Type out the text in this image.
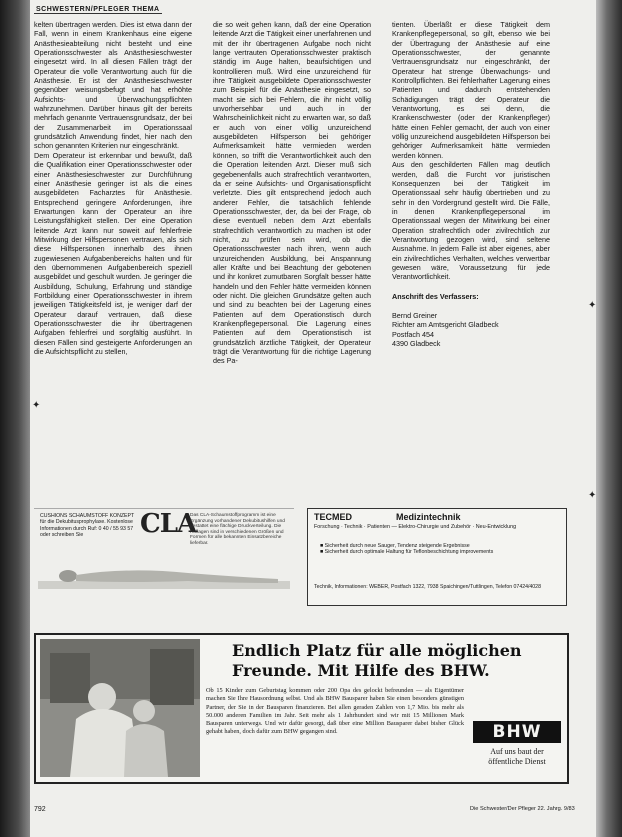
SCHWESTERN/PFLEGER THEMA

kelten übertragen werden. Dies ist etwa dann der Fall, wenn in einem Krankenhaus eine eigene Anästhesieabteilung nicht besteht und eine Operationsschwester als Anästhesieschwester eingesetzt wird. In all diesen Fällen trägt der Operateur die volle Verantwortung auch für die Anästhesie. Er ist der Anästhesieschwester gegenüber weisungsbefugt und hat erhöhte Aufsichts- und Überwachungspflichten wahrzunehmen. Darüber hinaus gilt der bereits mehrfach genannte Vertrauensgrundsatz, der bei der Zusammenarbeit im Operationssaal grundsätzlich Anwendung findet, hier nach den schon genannten Kriterien nur eingeschränkt.

Dem Operateur ist erkennbar und bewußt, daß die Qualifikation einer Operationsschwester oder einer Anästhesieschwester zur Durchführung einer Anästhesie geringer ist als die eines ausgebildeten Facharztes für Anästhesie. Entsprechend geringere Anforderungen, ihre Erwartungen kann der Operateur an ihre Leistungsfähigkeit stellen. Der eine Operation leitende Arzt kann nur soweit auf fehlerfreie Mitwirkung der Hilfspersonen vertrauen, als sich diese Hilfspersonen innerhalb des ihnen zugewiesenen Aufgabenbereichs halten und für den übernommenen Aufgabenbereich speziell ausgebildet und geschult wurden. Je geringer die Ausbildung, Schulung, Erfahrung und ständige Fortbildung einer Operationsschwester in ihrem jeweiligen Tätigkeitsfeld ist, je weniger darf der Operateur darauf vertrauen, daß diese Operationsschwester die ihr übertragenen Aufgaben fehlerfrei und sorgfältig ausführt. In diesen Fällen sind gesteigerte Anforderungen an die Aufsichtspflicht zu stellen,

die so weit gehen kann, daß der eine Operation leitende Arzt die Tätigkeit einer unerfahrenen und mit der ihr übertragenen Aufgabe noch nicht lange vertrauten Operationsschwester praktisch ständig im Auge halten, beaufsichtigen und kontrollieren muß. Wird eine unzureichend für ihre Tätigkeit ausgebildete Operationsschwester zum Beispiel für die Anästhesie eingesetzt, so macht sie sich bei Fehlern, die ihr nicht völlig unvorhersehbar und auch in der Wahrscheinlichkeit nicht zu erwarten war, so daß er auch von einer völlig unzureichend ausgebildeten Hilfsperson bei gehöriger Aufmerksamkeit hätte vermieden werden können, so trifft die Verantwortlichkeit auch den die Operation leitenden Arzt. Dieser muß sich gegebenenfalls auch strafrechtlich verantworten, da er seine Aufsichts- und Organisationspflicht verletzte. Dies gilt entsprechend jedoch auch anderer Fehler, die tatsächlich fehlende Operationsschwester, der, da bei der Frage, ob diese eventuell neben dem Arzt ebenfalls strafrechtlich verantwortlich zu machen ist oder nicht, zu prüfen sein wird, ob die Operationsschwester nach ihren, wenn auch unzureichenden Ausbildung, bei Anspannung aller Kräfte und bei Beachtung der gebotenen und ihr konkret zumutbaren Sorgfalt besser hätte handeln und den Fehler hätte vermeiden können oder nicht. Die gleichen Grundsätze gelten auch und sind zu beachten bei der Lagerung eines Patienten auf dem Operationstisch durch Krankenpflegepersonal. Die Lagerung eines Patienten auf dem Operationstisch ist grundsätzlich ärztliche Tätigkeit, der Operateur trägt die Verantwortung für die richtige Lagerung des Pa-

tienten. Überläßt er diese Tätigkeit dem Krankenpflegepersonal, so gilt, ebenso wie bei der Übertragung der Anästhesie auf eine Operationsschwester, der genannte Vertrauensgrundsatz nur eingeschränkt, der Operateur hat strenge Überwachungs- und Kontrollpflichten. Bei fehlerhafter Lagerung eines Patienten und dadurch entstehenden Schädigungen trägt der Operateur die Verantwortung, es sei denn, die Krankenschwester (oder der Krankenpfleger) hätte einen Fehler gemacht, der auch von einer völlig unzureichend ausgebildeten Hilfsperson bei gehöriger Aufmerksamkeit hätte vermieden werden können.

Aus den geschilderten Fällen mag deutlich werden, daß die Furcht vor juristischen Konsequenzen bei der Tätigkeit im Operationssaal sehr häufig übertrieben und zu sehr in den Vordergrund gestellt wird. Die Fälle, in denen Krankenpflegepersonal im Operationssaal wegen der Mitwirkung bei einer Operation strafrechtlich oder zivilrechtlich zur Verantwortung gezogen wird, sind seltene Ausnahme. In jedem Falle ist aber eigenes, aber ein zivilrechtliches Verhalten, welches verwertbar gewesen wäre, Voraussetzung für jede Verantwortlichkeit.

Anschrift des Verfassers:

Bernd Greiner

Richter am Amtsgericht Gladbeck

Postfach 454

4390 Gladbeck

CUSHIONS SCHAUMSTOFF KONZEPT für die Dekubitusprophylaxe. Kostenlose Informationen durch Ruf: 0 40 / 55 93 57 oder schreiben Sie	CLA
Das CLA-Schaumstoffprogramm ist eine Ergänzung vorhandener Dekubitushilfen und gestattet eine flächige Druckverteilung. Die Auflagen sind in verschiedenen Größen und Formen für alle bekannten Einsatzbereiche lieferbar.
TECMED	Medizintechnik
Forschung · Technik · Patienten — Elektro-Chirurgie und Zubehör · Neu-Entwicklung
■ Sicherheit durch neue Sauger, Tendenz steigende Ergebnisse
■ Sicherheit durch optimale Haltung für Teflonbeschichtung improvements
Technik, Informationen: WEBER, Postfach 1322, 7938 Spaichingen/Tuttlingen, Telefon 07424/4028
Endlich Platz für alle möglichen Freunde. Mit Hilfe des BHW.
Ob 15 Kinder zum Geburtstag kommen oder 200 Opa des gelockt befreunden — als Eigentümer machen Sie Ihre Hausordnung selbst. Und als BHW Bausparer haben Sie einen besonders günstigen Partner, der Sie in der Bausparen finanzieren. Bei allen geraden Zahlen von 1,7 Mio. bis mehr als 50.000 anderen Familien im Jahr. Seit mehr als 1 Jahrhundert sind wir mit 15 Millionen Mark Bausparen unterwegs. Und wir dafür gesorgt, daß über eine Million Bausparer dabei bisher Glück gehabt haben, doch dafür zum BHW gegangen sind.	BHW
Auf uns baut der öffentliche Dienst
792	Die Schwester/Der Pfleger 22. Jahrg. 9/83
✦
✦
✦
